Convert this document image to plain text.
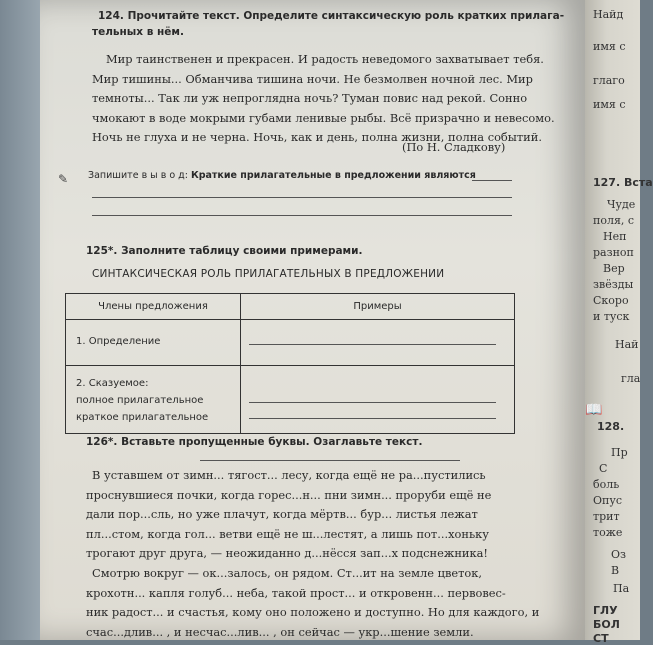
124. Прочитайте текст. Определите синтаксическую роль кратких прилага-
тельных в нём.
Мир таинственен и прекрасен. И радость неведомого захватывает тебя.
Мир тишины... Обманчива тишина ночи. Не безмолвен ночной лес. Мир
темноты... Так ли уж непроглядна ночь? Туман повис над рекой. Сонно
чмокают в воде мокрыми губами ленивые рыбы. Всё призрачно и невесомо.
Ночь не глуха и не черна. Ночь, как и день, полна жизни, полна событий.
(По Н. Сладкову)
✎ Запишите в ы в о д: Краткие прилагательные в предложении являются
125*. Заполните таблицу своими примерами.
СИНТАКСИЧЕСКАЯ РОЛЬ ПРИЛАГАТЕЛЬНЫХ В ПРЕДЛОЖЕНИИ
Члены предложения	Примеры
1. Определение	

2. Сказуемое:
полное прилагательное
краткое прилагательное	

126*. Вставьте пропущенные буквы. Озаглавьте текст.
В уставшем от зимн... тягост... лесу, когда ещё не ра...пустились
проснувшиеся почки, когда горес...н... пни зимн... проруби ещё не
дали пор...сль, но уже плачут, когда мёртв... бур... листья лежат
пл...стом, когда гол... ветви ещё не ш...лестят, а лишь пот...хоньку
трогают друг друга, — неожиданно д...нёсся зап...х подснежника!
Смотрю вокруг — ок...залось, он рядом. Ст...ит на земле цветок,
крохотн... капля голуб... неба, такой прост... и откровенн... первовес-
ник радост... и счастья, кому оно положено и доступно. Но для каждого, и
счас...длив... , и несчас...лив... , он сейчас — укр...шение земли.
Найд
имя с
глаго
имя с
127. Вста
Чуде
поля, с
Неп
разноп
Вер
звёзды
Скоро
и туск
Най
гла
📖
128.
Пр
С
боль
Опус
трит
тоже
Оз
В
Па
ГЛУ
БОЛ
СТ
